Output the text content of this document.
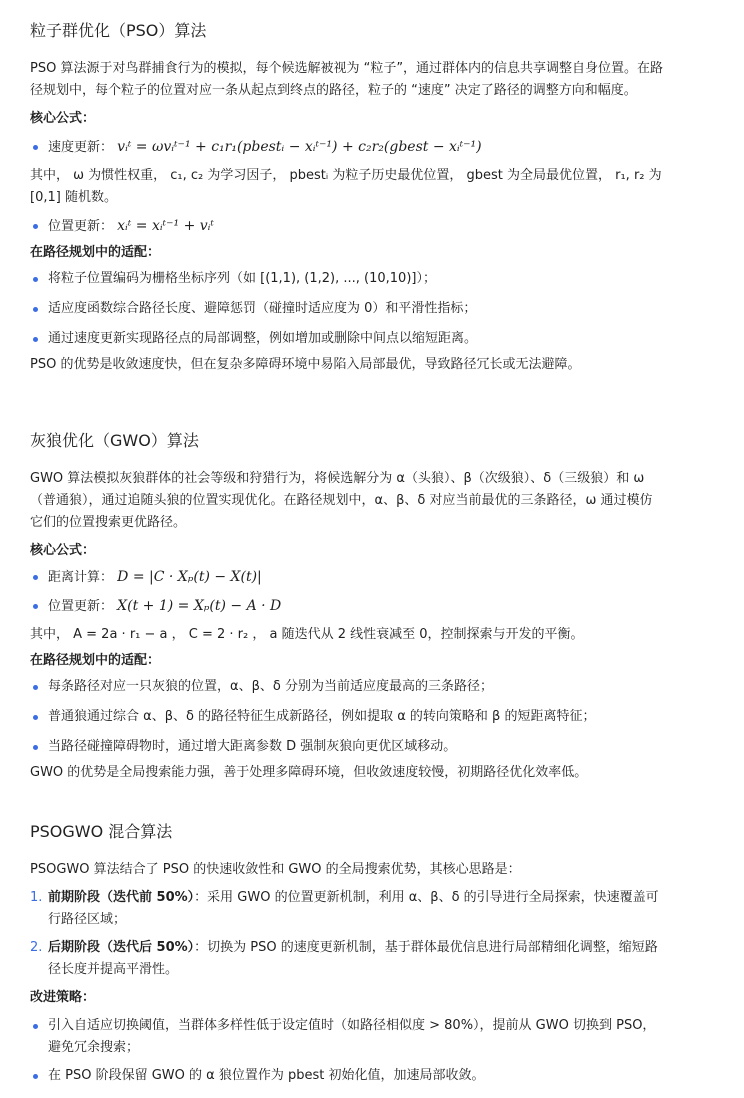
粒子群优化（PSO）算法

PSO 算法源于对鸟群捕食行为的模拟，每个候选解被视为 “粒子”，通过群体内的信息共享调整自身位置。在路径规划中，每个粒子的位置对应一条从起点到终点的路径，粒子的 “速度” 决定了路径的调整方向和幅度。

核心公式：

速度更新： vᵢᵗ = ωvᵢᵗ⁻¹ + c₁r₁(pbestᵢ − xᵢᵗ⁻¹) + c₂r₂(gbest − xᵢᵗ⁻¹)

其中， ω 为惯性权重， c₁, c₂ 为学习因子， pbestᵢ 为粒子历史最优位置， gbest 为全局最优位置， r₁, r₂ 为 [0,1] 随机数。

位置更新： xᵢᵗ = xᵢᵗ⁻¹ + vᵢᵗ

在路径规划中的适配：

将粒子位置编码为栅格坐标序列（如 [(1,1), (1,2), ..., (10,10)]）；
适应度函数综合路径长度、避障惩罚（碰撞时适应度为 0）和平滑性指标；
通过速度更新实现路径点的局部调整，例如增加或删除中间点以缩短距离。

PSO 的优势是收敛速度快，但在复杂多障碍环境中易陷入局部最优，导致路径冗长或无法避障。

灰狼优化（GWO）算法

GWO 算法模拟灰狼群体的社会等级和狩猎行为，将候选解分为 α（头狼）、β（次级狼）、δ（三级狼）和 ω（普通狼），通过追随头狼的位置实现优化。在路径规划中，α、β、δ 对应当前最优的三条路径，ω 通过模仿它们的位置搜索更优路径。

核心公式：

距离计算： D = |C · Xₚ(t) − X(t)|
位置更新： X(t + 1) = Xₚ(t) − A · D

其中， A = 2a · r₁ − a ， C = 2 · r₂ ， a 随迭代从 2 线性衰减至 0，控制探索与开发的平衡。

在路径规划中的适配：

每条路径对应一只灰狼的位置，α、β、δ 分别为当前适应度最高的三条路径；
普通狼通过综合 α、β、δ 的路径特征生成新路径，例如提取 α 的转向策略和 β 的短距离特征；
当路径碰撞障碍物时，通过增大距离参数 D 强制灰狼向更优区域移动。

GWO 的优势是全局搜索能力强，善于处理多障碍环境，但收敛速度较慢，初期路径优化效率低。

PSOGWO 混合算法

PSOGWO 算法结合了 PSO 的快速收敛性和 GWO 的全局搜索优势，其核心思路是：

1. 前期阶段（迭代前 50%）：采用 GWO 的位置更新机制，利用 α、β、δ 的引导进行全局探索，快速覆盖可行路径区域；
2. 后期阶段（迭代后 50%）：切换为 PSO 的速度更新机制，基于群体最优信息进行局部精细化调整，缩短路径长度并提高平滑性。

改进策略：

引入自适应切换阈值，当群体多样性低于设定值时（如路径相似度 > 80%），提前从 GWO 切换到 PSO，避免冗余搜索；
在 PSO 阶段保留 GWO 的 α 狼位置作为 pbest 初始化值，加速局部收敛。
